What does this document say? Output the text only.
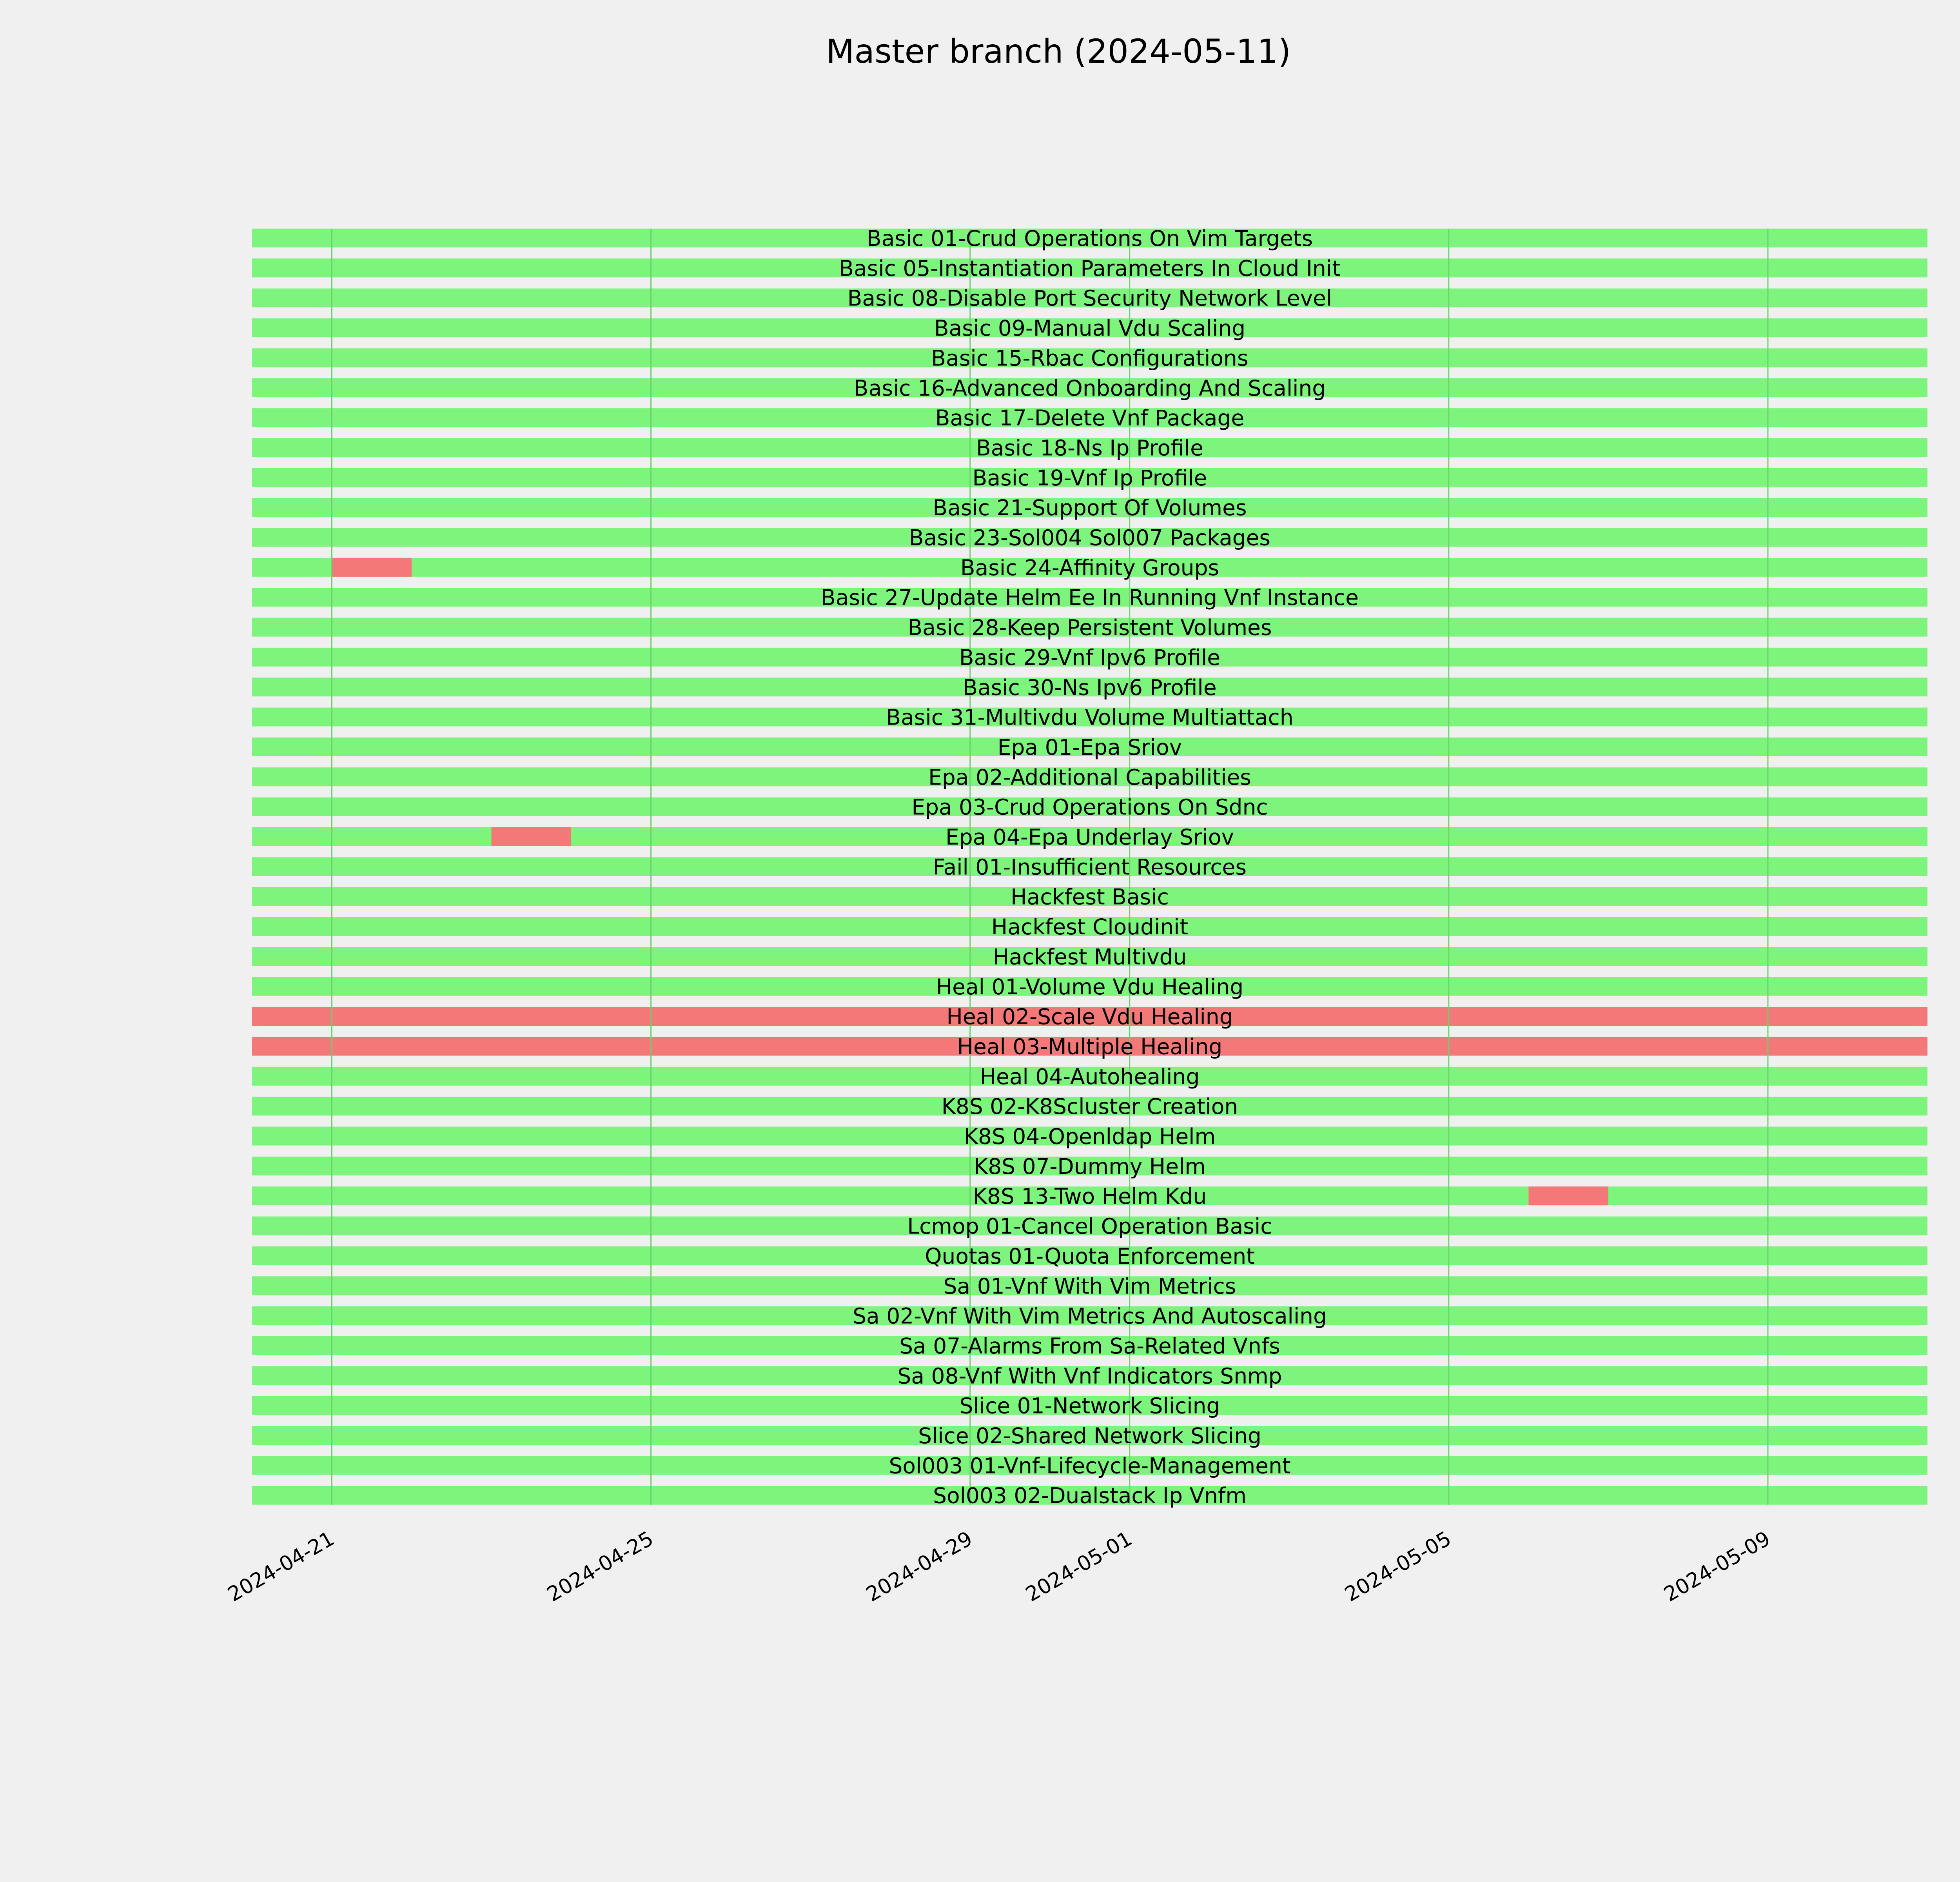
Master branch (2024-05-11)
Basic 01-Crud Operations On Vim Targets
Basic 05-Instantiation Parameters In Cloud Init
Basic 08-Disable Port Security Network Level
Basic 09-Manual Vdu Scaling
Basic 15-Rbac Configurations
Basic 16-Advanced Onboarding And Scaling
Basic 17-Delete Vnf Package
Basic 18-Ns Ip Profile
Basic 19-Vnf Ip Profile
Basic 21-Support Of Volumes
Basic 23-Sol004 Sol007 Packages
Basic 24-Affinity Groups
Basic 27-Update Helm Ee In Running Vnf Instance
Basic 28-Keep Persistent Volumes
Basic 29-Vnf Ipv6 Profile
Basic 30-Ns Ipv6 Profile
Basic 31-Multivdu Volume Multiattach
Epa 01-Epa Sriov
Epa 02-Additional Capabilities
Epa 03-Crud Operations On Sdnc
Epa 04-Epa Underlay Sriov
Fail 01-Insufficient Resources
Hackfest Basic
Hackfest Cloudinit
Hackfest Multivdu
Heal 01-Volume Vdu Healing
Heal 02-Scale Vdu Healing
Heal 03-Multiple Healing
Heal 04-Autohealing
K8S 02-K8Scluster Creation
K8S 04-Openldap Helm
K8S 07-Dummy Helm
K8S 13-Two Helm Kdu
Lcmop 01-Cancel Operation Basic
Quotas 01-Quota Enforcement
Sa 01-Vnf With Vim Metrics
Sa 02-Vnf With Vim Metrics And Autoscaling
Sa 07-Alarms From Sa-Related Vnfs
Sa 08-Vnf With Vnf Indicators Snmp
Slice 01-Network Slicing
Slice 02-Shared Network Slicing
Sol003 01-Vnf-Lifecycle-Management
Sol003 02-Dualstack Ip Vnfm
2024-04-21	2024-04-25	2024-04-29 2024-05-01	2024-05-05	2024-05-09
